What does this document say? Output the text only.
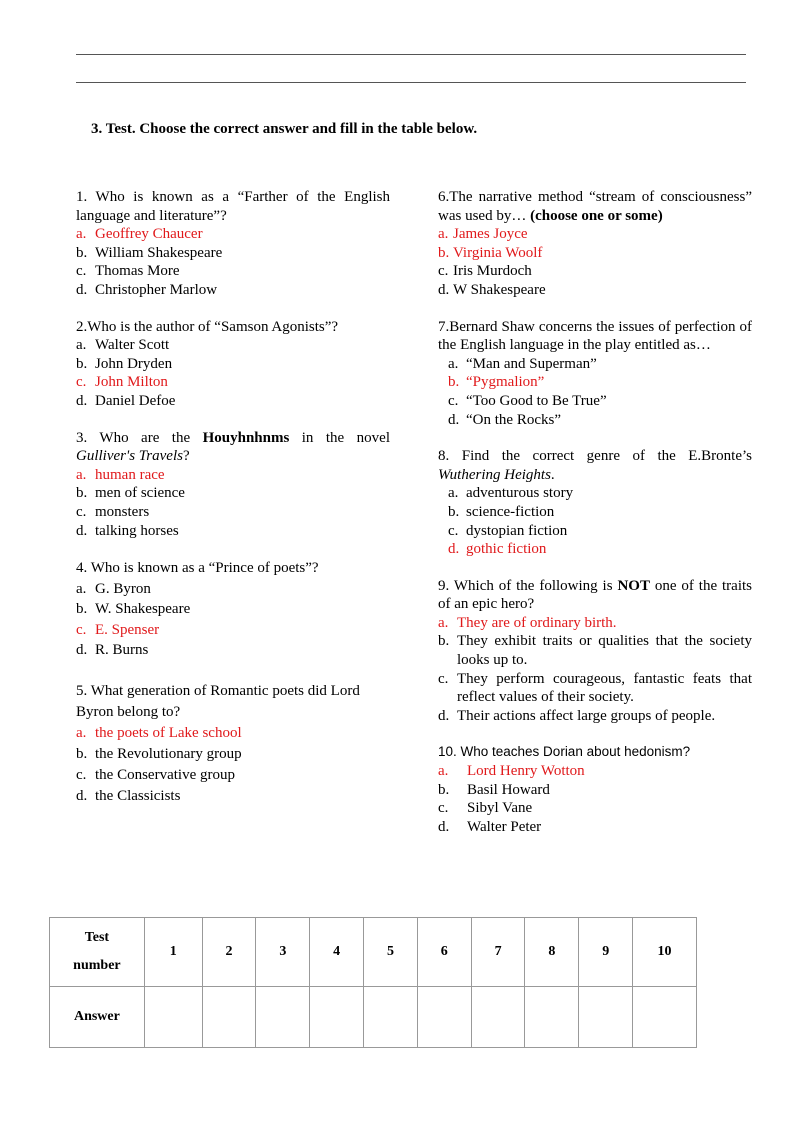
3. Test. Choose the correct answer and fill in the table below.
1. Who is known as a “Farther of the English language and literature”?
a. Geoffrey Chaucer
b. William Shakespeare
c. Thomas More
d. Christopher Marlow
2.Who is the author of “Samson Agonists”?
a. Walter Scott
b. John Dryden
c. John Milton
d. Daniel Defoe
3. Who are the Houyhnhnms in the novel Gulliver's Travels?
a. human race
b. men of science
c. monsters
d. talking horses
4. Who is known as a “Prince of poets”?
a. G. Byron
b. W. Shakespeare
c. E. Spenser
d. R. Burns
5. What generation of Romantic poets did Lord Byron belong to?
a. the poets of Lake school
b. the Revolutionary group
c. the Conservative group
d. the Classicists
6.The narrative method “stream of consciousness” was used by… (choose one or some)
a. James Joyce
b. Virginia Woolf
c. Iris Murdoch
d. W Shakespeare
7.Bernard Shaw concerns the issues of perfection of the English language in the play entitled as…
a. “Man and Superman”
b. “Pygmalion”
c. “Too Good to Be True”
d. “On the Rocks”
8. Find the correct genre of the E.Bronte’s Wuthering Heights.
a. adventurous story
b. science-fiction
c. dystopian fiction
d. gothic fiction
9. Which of the following is NOT one of the traits of an epic hero?
a. They are of ordinary birth.
b. They exhibit traits or qualities that the society looks up to.
c. They perform courageous, fantastic feats that reflect values of their society.
d. Their actions affect large groups of people.
10. Who teaches Dorian about hedonism?
a.	Lord Henry Wotton
b.	Basil Howard
c.	Sibyl Vane
d.	Walter Peter
Test
number	1	2	3	4	5	6	7	8	9	10
Answer										
